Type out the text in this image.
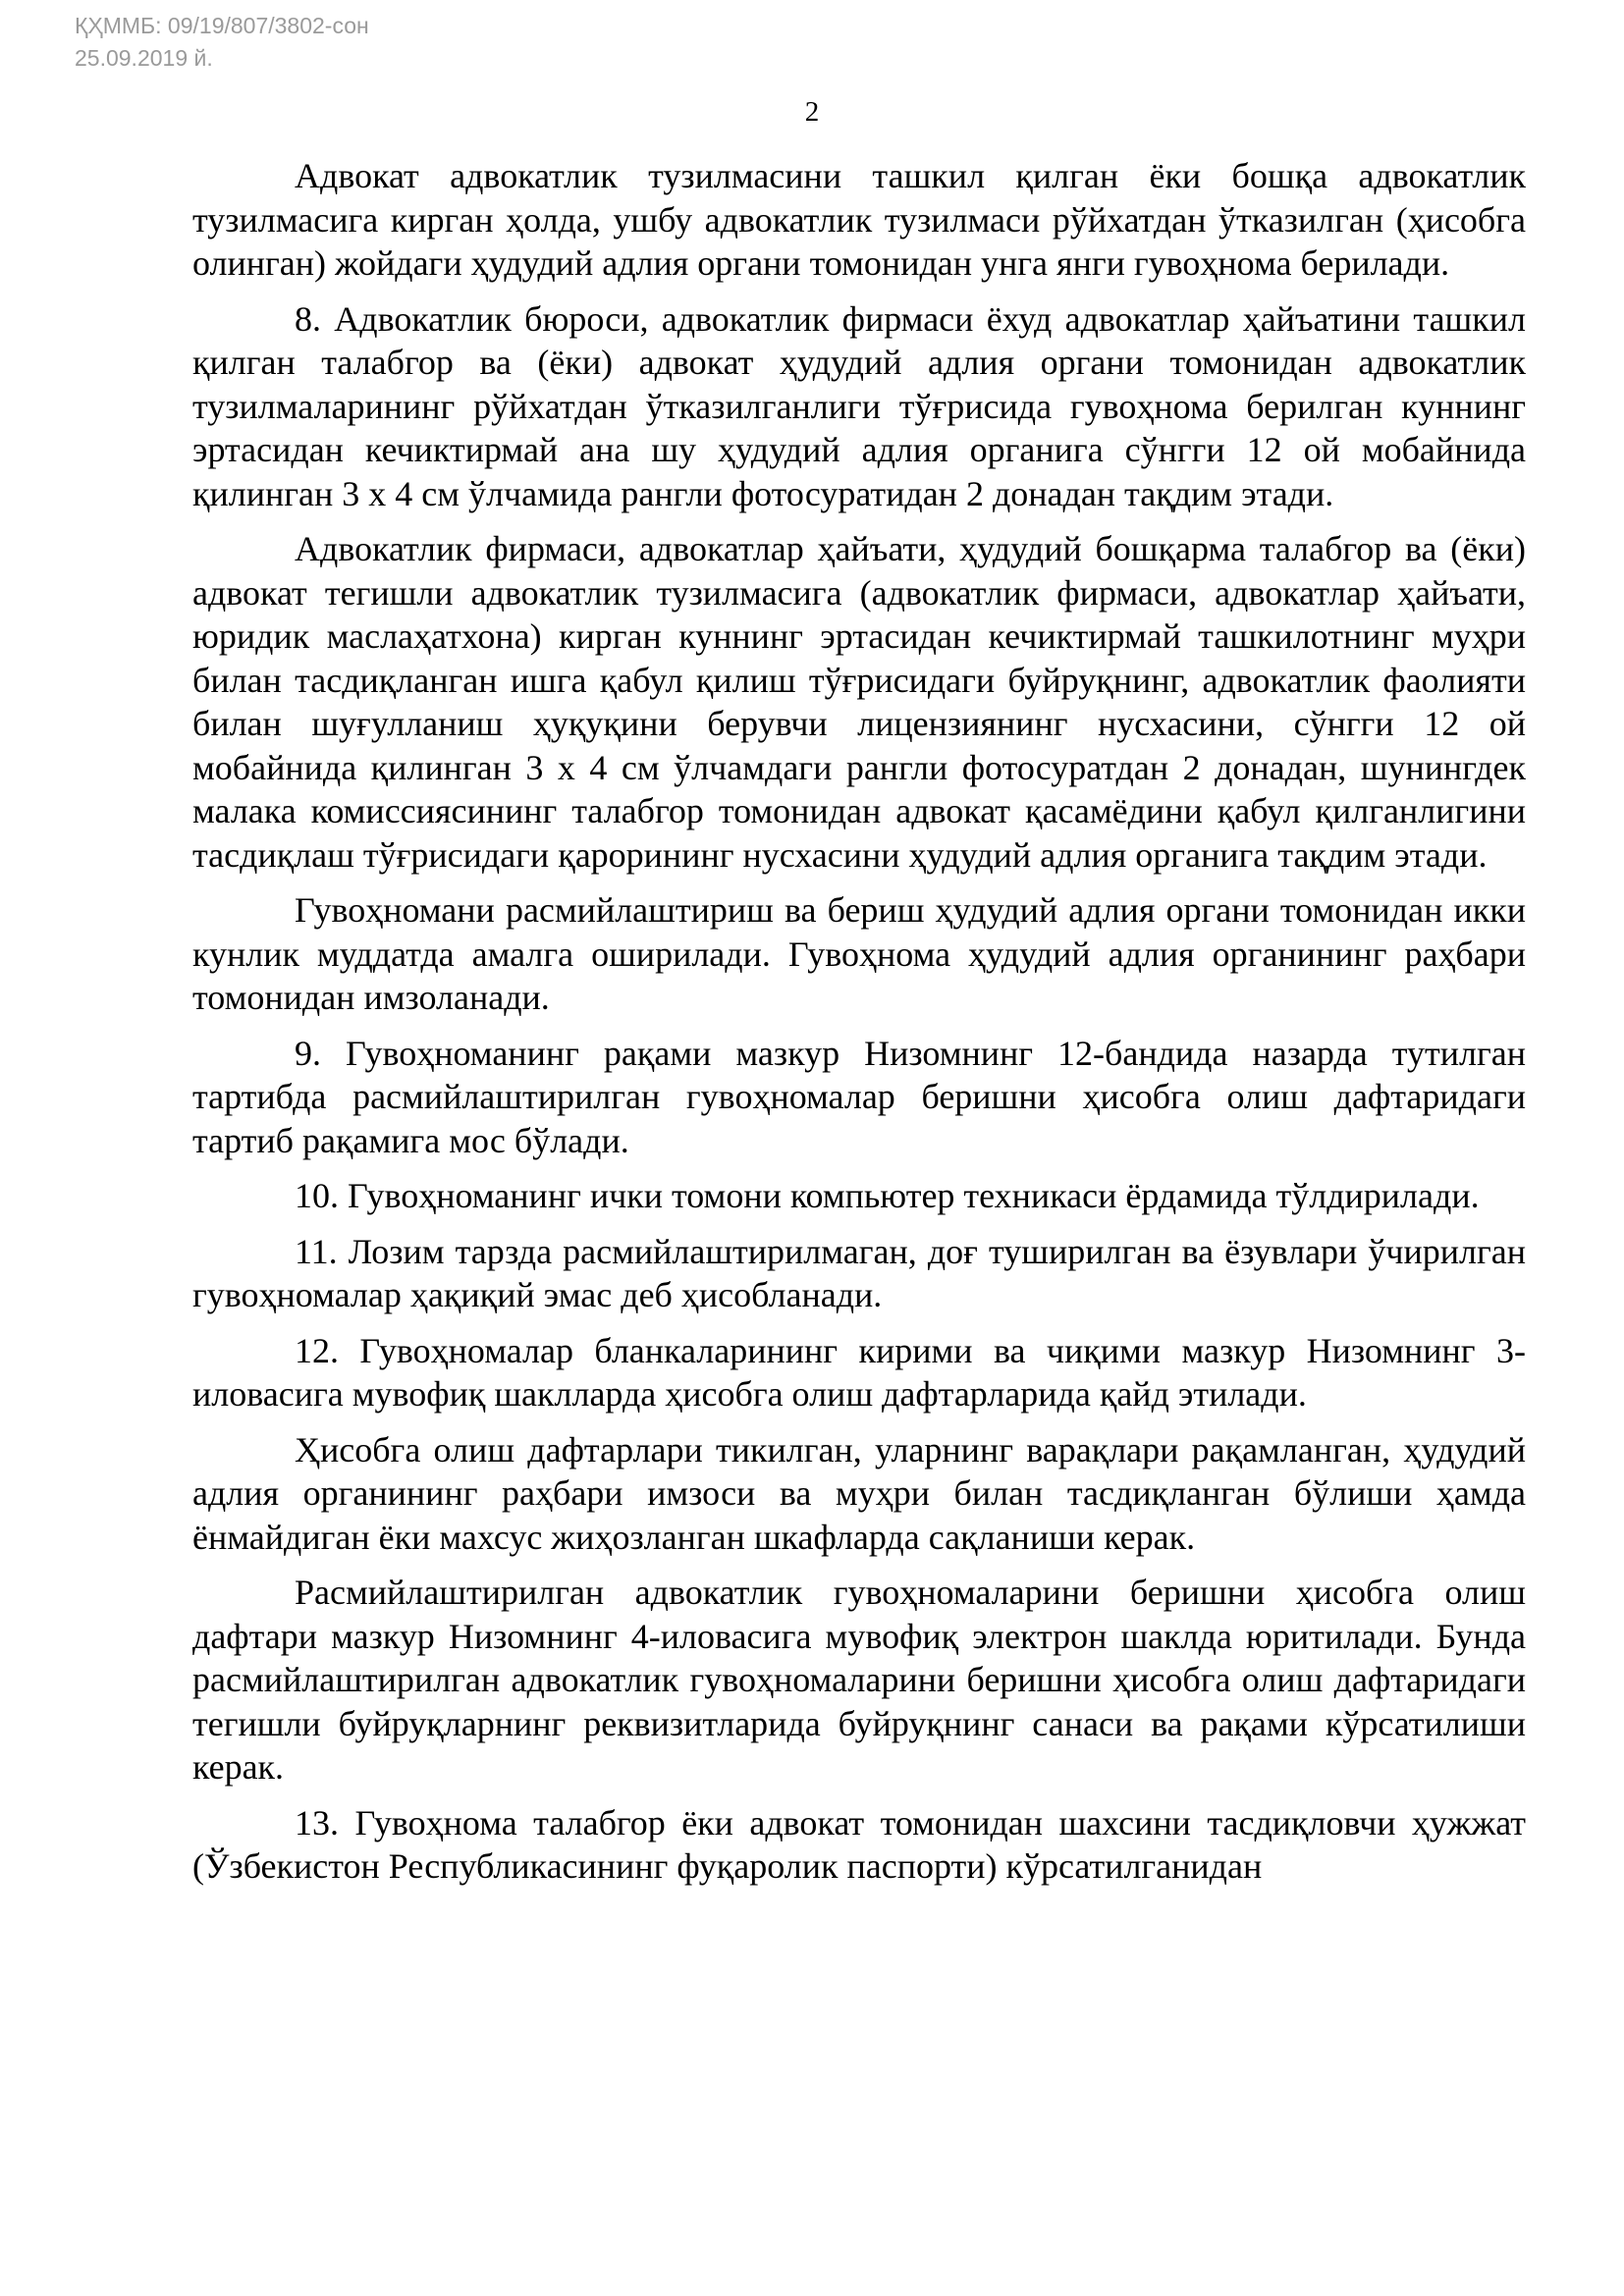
ҚҲММБ: 09/19/807/3802-сон
25.09.2019 й.
2

Адвокат адвокатлик тузилмасини ташкил қилган ёки бошқа адвокатлик тузилмасига кирган ҳолда, ушбу адвокатлик тузилмаси рўйхатдан ўтказилган (ҳисобга олинган) жойдаги ҳудудий адлия органи томонидан унга янги гувоҳнома берилади.

8. Адвокатлик бюроси, адвокатлик фирмаси ёхуд адвокатлар ҳайъатини ташкил қилган талабгор ва (ёки) адвокат ҳудудий адлия органи томонидан адвокатлик тузилмаларининг рўйхатдан ўтказилганлиги тўғрисида гувоҳнома берилган куннинг эртасидан кечиктирмай ана шу ҳудудий адлия органига сўнгги 12 ой мобайнида қилинган 3 х 4 см ўлчамида рангли фотосуратидан 2 донадан тақдим этади.

Адвокатлик фирмаси, адвокатлар ҳайъати, ҳудудий бошқарма талабгор ва (ёки) адвокат тегишли адвокатлик тузилмасига (адвокатлик фирмаси, адвокатлар ҳайъати, юридик маслаҳатхона) кирган куннинг эртасидан кечиктирмай ташкилотнинг муҳри билан тасдиқланган ишга қабул қилиш тўғрисидаги буйруқнинг, адвокатлик фаолияти билан шуғулланиш ҳуқуқини берувчи лицензиянинг нусхасини, сўнгги 12 ой мобайнида қилинган 3 х 4 см ўлчамдаги рангли фотосуратдан 2 донадан, шунингдек малака комиссиясининг талабгор томонидан адвокат қасамёдини қабул қилганлигини тасдиқлаш тўғрисидаги қарорининг нусхасини ҳудудий адлия органига тақдим этади.

Гувоҳномани расмийлаштириш ва бериш ҳудудий адлия органи томонидан икки кунлик муддатда амалга оширилади. Гувоҳнома ҳудудий адлия органининг раҳбари томонидан имзоланади.

9. Гувоҳноманинг рақами мазкур Низомнинг 12-бандида назарда тутилган тартибда расмийлаштирилган гувоҳномалар беришни ҳисобга олиш дафтаридаги тартиб рақамига мос бўлади.

10. Гувоҳноманинг ички томони компьютер техникаси ёрдамида тўлдирилади.

11. Лозим тарзда расмийлаштирилмаган, доғ туширилган ва ёзувлари ўчирилган гувоҳномалар ҳақиқий эмас деб ҳисобланади.

12. Гувоҳномалар бланкаларининг кирими ва чиқими мазкур Низомнинг 3-иловасига мувофиқ шаклларда ҳисобга олиш дафтарларида қайд этилади.

Ҳисобга олиш дафтарлари тикилган, уларнинг варақлари рақамланган, ҳудудий адлия органининг раҳбари имзоси ва муҳри билан тасдиқланган бўлиши ҳамда ёнмайдиган ёки махсус жиҳозланган шкафларда сақланиши керак.

Расмийлаштирилган адвокатлик гувоҳномаларини беришни ҳисобга олиш дафтари мазкур Низомнинг 4-иловасига мувофиқ электрон шаклда юритилади. Бунда расмийлаштирилган адвокатлик гувоҳномаларини беришни ҳисобга олиш дафтаридаги тегишли буйруқларнинг реквизитларида буйруқнинг санаси ва рақами кўрсатилиши керак.

13. Гувоҳнома талабгор ёки адвокат томонидан шахсини тасдиқловчи ҳужжат (Ўзбекистон Республикасининг фуқаролик паспорти) кўрсатилганидан
